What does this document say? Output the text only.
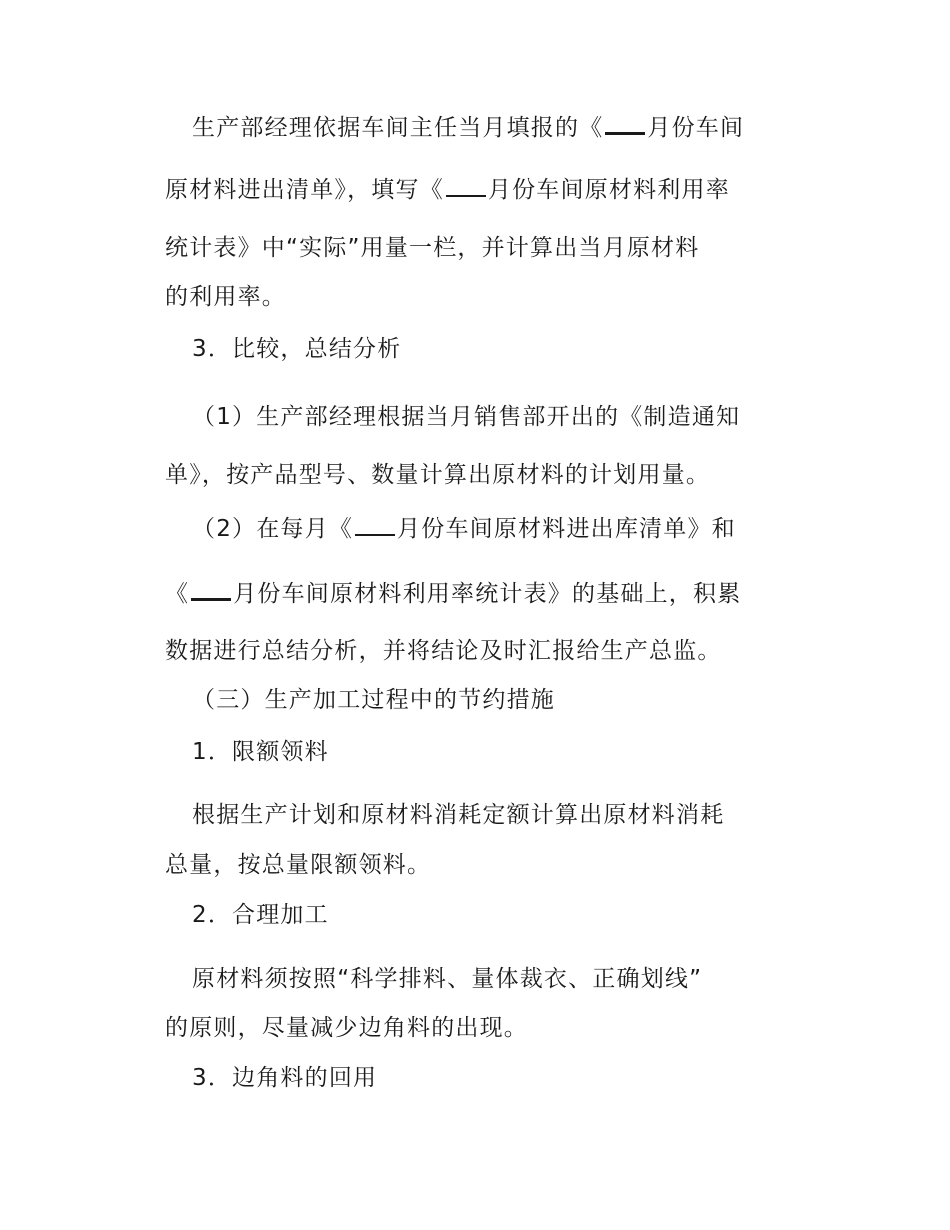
生产部经理依据车间主任当月填报的《 月份车间
原材料进出清单》，填写《 月份车间原材料利用率
统计表》中“实际”用量一栏，并计算出当月原材料
的利用率。
3．比较，总结分析
（1）生产部经理根据当月销售部开出的《制造通知
单》，按产品型号、数量计算出原材料的计划用量。
（2）在每月《 月份车间原材料进出库清单》和
《 月份车间原材料利用率统计表》的基础上，积累
数据进行总结分析，并将结论及时汇报给生产总监。
（三）生产加工过程中的节约措施
1．限额领料
根据生产计划和原材料消耗定额计算出原材料消耗
总量，按总量限额领料。
2．合理加工
原材料须按照“科学排料、量体裁衣、正确划线”
的原则，尽量减少边角料的出现。
3．边角料的回用
